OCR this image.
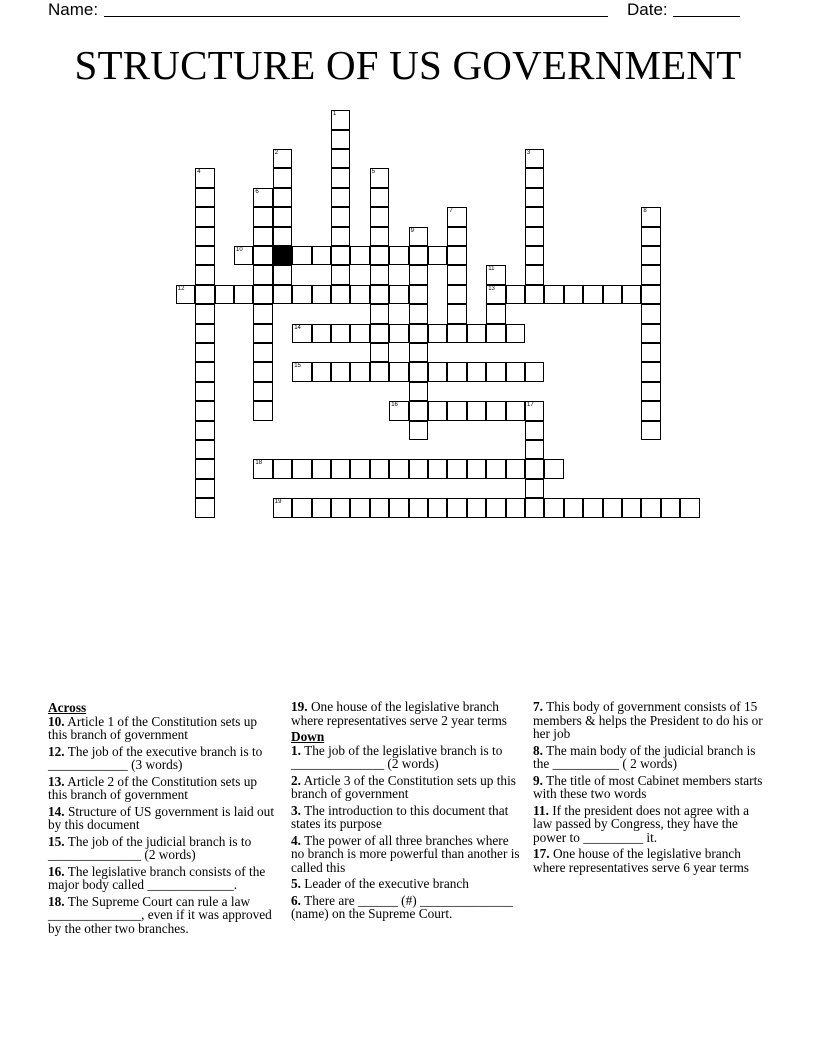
Name:	Date:
STRUCTURE OF US GOVERNMENT
1
2	3
4	5
6
7	8
9
10
11
13
12
14
15
16	17
18
19
Across
10. Article 1 of the Constitution sets up this branch of government
12. The job of the executive branch is to ____________ (3 words)
13. Article 2 of the Constitution sets up this branch of government
14. Structure of US government is laid out by this document
15. The job of the judicial branch is to ______________ (2 words)
16. The legislative branch consists of the major body called _____________.
18. The Supreme Court can rule a law ______________, even if it was approved by the other two branches.
19. One house of the legislative branch where representatives serve 2 year terms
Down
1. The job of the legislative branch is to ______________ (2 words)
2. Article 3 of the Constitution sets up this branch of government
3. The introduction to this document that states its purpose
4. The power of all three branches where no branch is more powerful than another is called this
5. Leader of the executive branch
6. There are ______ (#) ______________ (name) on the Supreme Court.
7. This body of government consists of 15 members & helps the President to do his or her job
8. The main body of the judicial branch is the __________ ( 2 words)
9. The title of most Cabinet members starts with these two words
11. If the president does not agree with a law passed by Congress, they have the power to _________ it.
17. One house of the legislative branch where representatives serve 6 year terms
